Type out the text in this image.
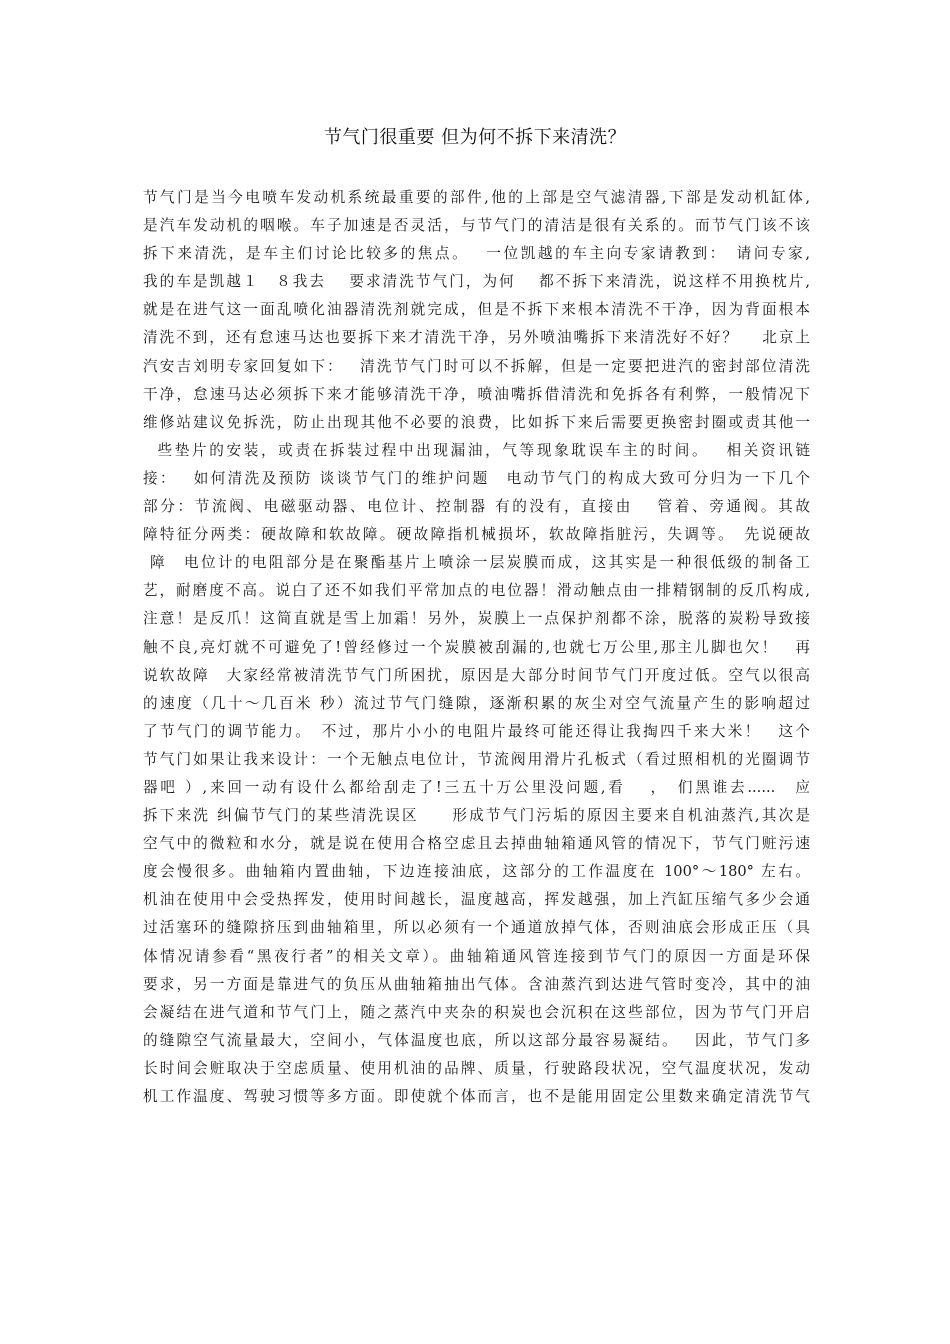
节气门很重要 但为何不拆下来清洗？
节气门是当今电喷车发动机系统最重要的部件,他的上部是空气滤清器,下部是发动机缸体,
是汽车发动机的咽喉。车子加速是否灵活，与节气门的清洁是很有关系的。而节气门该不该
拆下来清洗，是车主们讨论比较多的焦点。　 一位凯越的车主向专家请教到：　请问专家,
我的车是凯越１　８我去　 要求清洗节气门，为何　 都不拆下来清洗，说这样不用换枕片,
就是在进气这一面乱喷化油器清洗剂就完成，但是不拆下来根本清洗不干净，因为背面根本
清洗不到，还有怠速马达也要拆下来才清洗干净，另外喷油嘴拆下来清洗好不好？　 北京上
汽安吉刘明专家回复如下：　 清洗节气门时可以不拆解，但是一定要把进汽的密封部位清洗
干净，怠速马达必须拆下来才能够清洗干净，喷油嘴拆借清洗和免拆各有利弊，一般情况下
维修站建议免拆洗，防止出现其他不必要的浪费，比如拆下来后需要更换密封圈或责其他一
些垫片的安装，或责在拆装过程中出现漏油，气等现象耽误车主的时间。　 相关资讯链
接：　 如何清洗及预防 谈谈节气门的维护问题　电动节气门的构成大致可分归为一下几个
部分：节流阀、电磁驱动器、电位计、控制器 有的没有，直接由　 管着、旁通阀。其故
障特征分两类：硬故障和软故障。硬故障指机械损坏，软故障指脏污，失调等。　先说硬故
障　电位计的电阻部分是在聚酯基片上喷涂一层炭膜而成，这其实是一种很低级的制备工
艺，耐磨度不高。说白了还不如我们平常加点的电位器！滑动触点由一排精钢制的反爪构成,
注意！是反爪！这简直就是雪上加霜！另外，炭膜上一点保护剂都不涂，脱落的炭粉导致接
触不良,亮灯就不可避免了!曾经修过一个炭膜被刮漏的,也就七万公里,那主儿脚也欠！　再
说软故障　大家经常被清洗节气门所困扰，原因是大部分时间节气门开度过低。空气以很高
的速度（几十～几百米 秒）流过节气门缝隙，逐渐积累的灰尘对空气流量产生的影响超过
了节气门的调节能力。　不过，那片小小的电阻片最终可能还得让我掏四千来大米！　这个
节气门如果让我来设计：一个无触点电位计，节流阀用滑片孔板式（看过照相机的光圈调节
器吧 ）,来回一动有设什么都给刮走了!三五十万公里没问题,看　 ，　们黑谁去......　应
拆下来洗 纠偏节气门的某些清洗误区　　形成节气门污垢的原因主要来自机油蒸汽,其次是
空气中的微粒和水分，就是说在使用合格空虑且去掉曲轴箱通风管的情况下，节气门赃污速
度会慢很多。曲轴箱内置曲轴，下边连接油底，这部分的工作温度在 100°～180° 左右。
机油在使用中会受热挥发，使用时间越长，温度越高，挥发越强，加上汽缸压缩气多少会通
过活塞环的缝隙挤压到曲轴箱里，所以必须有一个通道放掉气体，否则油底会形成正压（具
体情况请参看“黑夜行者”的相关文章）。曲轴箱通风管连接到节气门的原因一方面是环保
要求，另一方面是靠进气的负压从曲轴箱抽出气体。含油蒸汽到达进气管时变冷，其中的油
会凝结在进气道和节气门上，随之蒸汽中夹杂的积炭也会沉积在这些部位，因为节气门开启
的缝隙空气流量最大，空间小，气体温度也底，所以这部分最容易凝结。　 因此，节气门多
长时间会赃取决于空虑质量、使用机油的品牌、质量，行驶路段状况，空气温度状况，发动
机工作温度、驾驶习惯等多方面。即使就个体而言，也不是能用固定公里数来确定清洗节气
